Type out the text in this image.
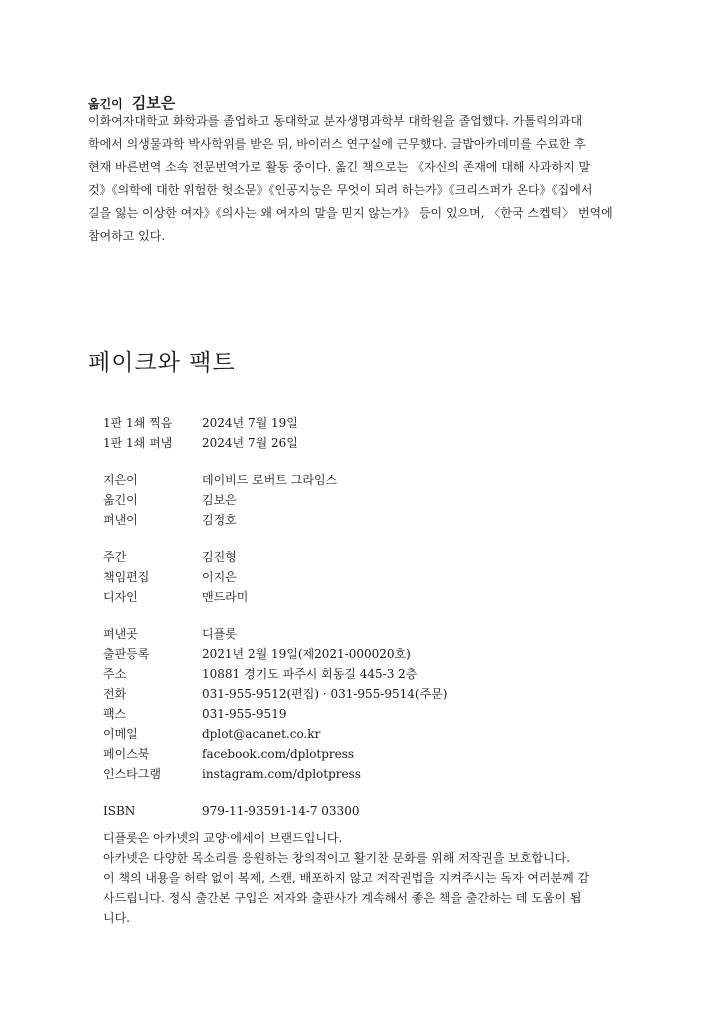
옮긴이 김보은

이화여자대학교 화학과를 졸업하고 동대학교 분자생명과학부 대학원을 졸업했다. 가톨릭의과대
학에서 의생물과학 박사학위를 받은 뒤, 바이러스 연구실에 근무했다. 글밥아카데미를 수료한 후
현재 바른번역 소속 전문번역가로 활동 중이다. 옮긴 책으로는 《자신의 존재에 대해 사과하지 말
것》《의학에 대한 위험한 헛소문》《인공지능은 무엇이 되려 하는가》《크리스퍼가 온다》《집에서
길을 잃는 이상한 여자》《의사는 왜 여자의 말을 믿지 않는가》 등이 있으며, 〈한국 스켑틱〉 번역에
참여하고 있다.

페이크와 팩트
1판 1쇄 찍음	2024년 7월 19일
1판 1쇄 펴냄	2024년 7월 26일
지은이	데이비드 로버트 그라임스
옮긴이	김보은
펴낸이	김정호
주간	김진형
책임편집	이지은
디자인	맨드라미
펴낸곳	디플롯
출판등록	2021년 2월 19일(제2021-000020호)
주소	10881 경기도 파주시 회동길 445-3 2층
전화	031-955-9512(편집) · 031-955-9514(주문)
팩스	031-955-9519
이메일	dplot@acanet.co.kr
페이스북	facebook.com/dplotpress
인스타그램	instagram.com/dplotpress
ISBN	979-11-93591-14-7 03300

디플롯은 아카넷의 교양·에세이 브랜드입니다.
아카넷은 다양한 목소리를 응원하는 창의적이고 활기찬 문화를 위해 저작권을 보호합니다.
이 책의 내용을 허락 없이 복제, 스캔, 배포하지 않고 저작권법을 지켜주시는 독자 여러분께 감
사드립니다. 정식 출간본 구입은 저자와 출판사가 계속해서 좋은 책을 출간하는 데 도움이 됩
니다.
